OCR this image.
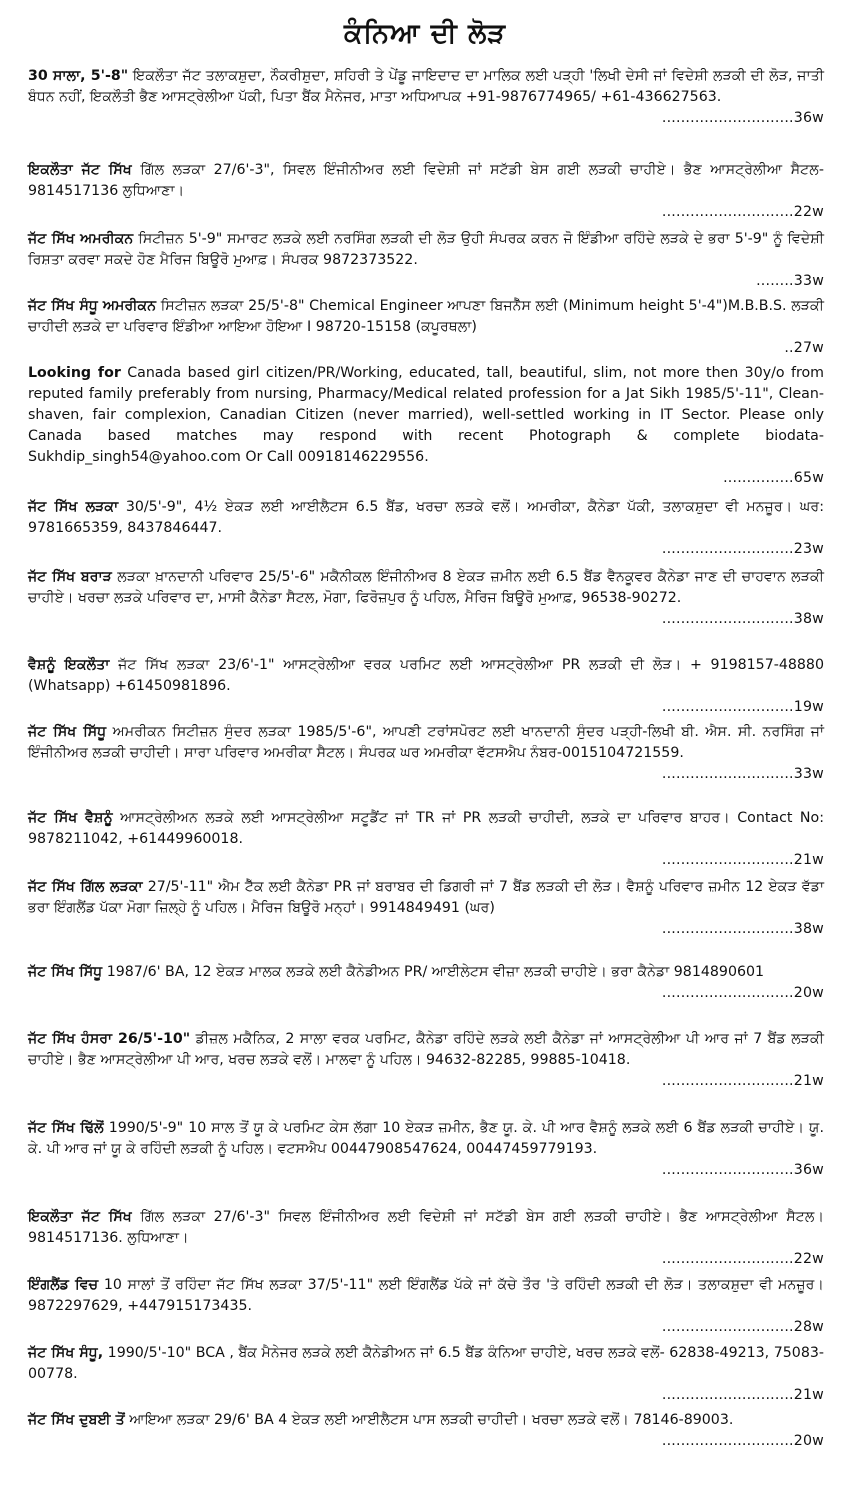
ਕੰਨਿਆ ਦੀ ਲੋੜ
30 ਸਾਲਾ, 5'-8" ਇਕਲੌਤਾ ਜੱਟ ਤਲਾਕਸ਼ੁਦਾ, ਨੌਕਰੀਸ਼ੁਦਾ, ਸ਼ਹਿਰੀ ਤੇ ਪੇਂਡੂ ਜਾਇਦਾਦ ਦਾ ਮਾਲਿਕ ਲਈ ਪੜ੍ਹੀ 'ਲਿਖੀ ਦੇਸੀ ਜਾਂ ਵਿਦੇਸ਼ੀ ਲੜਕੀ ਦੀ ਲੋੜ, ਜਾਤੀ ਬੰਧਨ ਨਹੀਂ, ਇਕਲੌਤੀ ਭੈਣ ਆਸਟ੍ਰੇਲੀਆ ਪੱਕੀ, ਪਿਤਾ ਬੈਂਕ ਮੈਨੇਜਰ, ਮਾਤਾ ਅਧਿਆਪਕ +91-9876774965/ +61-436627563.
............................36w
ਇਕਲੌਤਾ ਜੱਟ ਸਿੱਖ ਗਿੱਲ ਲੜਕਾ 27/6'-3", ਸਿਵਲ ਇੰਜੀਨੀਅਰ ਲਈ ਵਿਦੇਸ਼ੀ ਜਾਂ ਸਟੱਡੀ ਬੇਸ ਗਈ ਲੜਕੀ ਚਾਹੀਏ। ਭੈਣ ਆਸਟ੍ਰੇਲੀਆ ਸੈਟਲ- 9814517136 ਲੁਧਿਆਣਾ।
............................22w
ਜੱਟ ਸਿੱਖ ਅਮਰੀਕਨ ਸਿਟੀਜ਼ਨ 5'-9" ਸਮਾਰਟ ਲੜਕੇ ਲਈ ਨਰਸਿੰਗ ਲੜਕੀ ਦੀ ਲੋੜ ਉਹੀ ਸੰਪਰਕ ਕਰਨ ਜੋ ਇੰਡੀਆ ਰਹਿੰਦੇ ਲੜਕੇ ਦੇ ਭਰਾ 5'-9" ਨੂੰ ਵਿਦੇਸ਼ੀ ਰਿਸ਼ਤਾ ਕਰਵਾ ਸਕਦੇ ਹੋਣ ਮੈਰਿਜ ਬਿਊਰੋ ਮੁਆਫ਼। ਸੰਪਰਕ 9872373522.
........33w
ਜੱਟ ਸਿੱਖ ਸੰਧੂ ਅਮਰੀਕਨ ਸਿਟੀਜ਼ਨ ਲੜਕਾ 25/5'-8" Chemical Engineer ਆਪਣਾ ਬਿਜਨੈੱਸ ਲਈ (Minimum height 5'-4")M.B.B.S. ਲੜਕੀ ਚਾਹੀਦੀ ਲੜਕੇ ਦਾ ਪਰਿਵਾਰ ਇੰਡੀਆ ਆਇਆ ਹੋਇਆ I 98720-15158 (ਕਪੂਰਥਲਾ)
..27w
Looking for Canada based girl citizen/PR/Working, educated, tall, beautiful, slim, not more then 30y/o from reputed family preferably from nursing, Pharmacy/Medical related profession for a Jat Sikh 1985/5'-11", Clean-shaven, fair complexion, Canadian Citizen (never married), well-settled working in IT Sector. Please only Canada based matches may respond with recent Photograph & complete biodata-Sukhdip_singh54@yahoo.com Or Call 00918146229556.
...............65w
ਜੱਟ ਸਿੱਖ ਲੜਕਾ 30/5'-9", 4½ ਏਕੜ ਲਈ ਆਈਲੈਟਸ 6.5 ਬੈਂਡ, ਖਰਚਾ ਲੜਕੇ ਵਲੋਂ। ਅਮਰੀਕਾ, ਕੈਨੇਡਾ ਪੱਕੀ, ਤਲਾਕਸ਼ੁਦਾ ਵੀ ਮਨਜ਼ੂਰ। ਘਰ: 9781665359, 8437846447.
............................23w
ਜੱਟ ਸਿੱਖ ਬਰਾੜ ਲੜਕਾ ਖ਼ਾਨਦਾਨੀ ਪਰਿਵਾਰ 25/5'-6" ਮਕੈਨੀਕਲ ਇੰਜੀਨੀਅਰ 8 ਏਕੜ ਜ਼ਮੀਨ ਲਈ 6.5 ਬੈਂਡ ਵੈਨਕੂਵਰ ਕੈਨੇਡਾ ਜਾਣ ਦੀ ਚਾਹਵਾਨ ਲੜਕੀ ਚਾਹੀਏ। ਖਰਚਾ ਲੜਕੇ ਪਰਿਵਾਰ ਦਾ, ਮਾਸੀ ਕੈਨੇਡਾ ਸੈਟਲ, ਮੋਗਾ, ਫਿਰੋਜ਼ਪੁਰ ਨੂੰ ਪਹਿਲ, ਮੈਰਿਜ ਬਿਊਰੋ ਮੁਆਫ਼, 96538-90272.
............................38w
ਵੈਸ਼ਨੂੰ ਇਕਲੌਤਾ ਜੱਟ ਸਿੱਖ ਲੜਕਾ 23/6'-1" ਆਸਟ੍ਰੇਲੀਆ ਵਰਕ ਪਰਮਿਟ ਲਈ ਆਸਟ੍ਰੇਲੀਆ PR ਲੜਕੀ ਦੀ ਲੋੜ। + 9198157-48880 (Whatsapp) +61450981896.
............................19w
ਜੱਟ ਸਿੱਖ ਸਿੱਧੂ ਅਮਰੀਕਨ ਸਿਟੀਜ਼ਨ ਸੁੰਦਰ ਲੜਕਾ 1985/5'-6", ਆਪਣੀ ਟਰਾਂਸਪੋਰਟ ਲਈ ਖਾਨਦਾਨੀ ਸੁੰਦਰ ਪੜ੍ਹੀ-ਲਿਖੀ ਬੀ. ਐਸ. ਸੀ. ਨਰਸਿੰਗ ਜਾਂ ਇੰਜੀਨੀਅਰ ਲੜਕੀ ਚਾਹੀਦੀ। ਸਾਰਾ ਪਰਿਵਾਰ ਅਮਰੀਕਾ ਸੈਟਲ। ਸੰਪਰਕ ਘਰ ਅਮਰੀਕਾ ਵੱਟਸਐਪ ਨੰਬਰ-0015104721559.
............................33w
ਜੱਟ ਸਿੱਖ ਵੈਸ਼ਨੂੰ ਆਸਟ੍ਰੇਲੀਅਨ ਲੜਕੇ ਲਈ ਆਸਟ੍ਰੇਲੀਆ ਸਟੂਡੈਂਟ ਜਾਂ TR ਜਾਂ PR ਲੜਕੀ ਚਾਹੀਦੀ, ਲੜਕੇ ਦਾ ਪਰਿਵਾਰ ਬਾਹਰ। Contact No: 9878211042, +61449960018.
............................21w
ਜੱਟ ਸਿੱਖ ਗਿੱਲ ਲੜਕਾ 27/5'-11" ਐਮ ਟੈੱਕ ਲਈ ਕੈਨੇਡਾ PR ਜਾਂ ਬਰਾਬਰ ਦੀ ਡਿਗਰੀ ਜਾਂ 7 ਬੈਂਡ ਲੜਕੀ ਦੀ ਲੋੜ। ਵੈਸ਼ਨੂੰ ਪਰਿਵਾਰ ਜ਼ਮੀਨ 12 ਏਕੜ ਵੱਡਾ ਭਰਾ ਇੰਗਲੈਂਡ ਪੱਕਾ ਮੋਗਾ ਜ਼ਿਲ੍ਹੇ ਨੂੰ ਪਹਿਲ। ਮੈਰਿਜ ਬਿਊਰੋ ਮਨ੍ਹਾਂ। 9914849491 (ਘਰ)
............................38w
ਜੱਟ ਸਿੱਖ ਸਿੱਧੂ 1987/6' BA, 12 ਏਕੜ ਮਾਲਕ ਲੜਕੇ ਲਈ ਕੈਨੇਡੀਅਨ PR/ ਆਈਲੇਟਸ ਵੀਜ਼ਾ ਲੜਕੀ ਚਾਹੀਏ। ਭਰਾ ਕੈਨੇਡਾ 9814890601
............................20w
ਜੱਟ ਸਿੱਖ ਹੰਸਰਾ 26/5'-10" ਡੀਜ਼ਲ ਮਕੈਨਿਕ, 2 ਸਾਲਾ ਵਰਕ ਪਰਮਿਟ, ਕੈਨੇਡਾ ਰਹਿੰਦੇ ਲੜਕੇ ਲਈ ਕੈਨੇਡਾ ਜਾਂ ਆਸਟ੍ਰੇਲੀਆ ਪੀ ਆਰ ਜਾਂ 7 ਬੈਂਡ ਲੜਕੀ ਚਾਹੀਏ। ਭੈਣ ਆਸਟ੍ਰੇਲੀਆ ਪੀ ਆਰ, ਖਰਚ ਲੜਕੇ ਵਲੋਂ। ਮਾਲਵਾ ਨੂੰ ਪਹਿਲ। 94632-82285, 99885-10418.
............................21w
ਜੱਟ ਸਿੱਖ ਢਿੱਲੋਂ 1990/5'-9" 10 ਸਾਲ ਤੋਂ ਯੂ ਕੇ ਪਰਮਿਟ ਕੇਸ ਲੱਗਾ 10 ਏਕੜ ਜ਼ਮੀਨ, ਭੈਣ ਯੂ. ਕੇ. ਪੀ ਆਰ ਵੈਸ਼ਨੂੰ ਲੜਕੇ ਲਈ 6 ਬੈਂਡ ਲੜਕੀ ਚਾਹੀਏ। ਯੂ. ਕੇ. ਪੀ ਆਰ ਜਾਂ ਯੂ ਕੇ ਰਹਿੰਦੀ ਲੜਕੀ ਨੂੰ ਪਹਿਲ। ਵਟਸਐਪ 00447908547624, 00447459779193.
............................36w
ਇਕਲੌਤਾ ਜੱਟ ਸਿੱਖ ਗਿੱਲ ਲੜਕਾ 27/6'-3" ਸਿਵਲ ਇੰਜੀਨੀਅਰ ਲਈ ਵਿਦੇਸ਼ੀ ਜਾਂ ਸਟੱਡੀ ਬੇਸ ਗਈ ਲੜਕੀ ਚਾਹੀਏ। ਭੈਣ ਆਸਟ੍ਰੇਲੀਆ ਸੈਟਲ। 9814517136. ਲੁਧਿਆਣਾ।
............................22w
ਇੰਗਲੈਂਡ ਵਿਚ 10 ਸਾਲਾਂ ਤੋਂ ਰਹਿੰਦਾ ਜੱਟ ਸਿੱਖ ਲੜਕਾ 37/5'-11" ਲਈ ਇੰਗਲੈਂਡ ਪੱਕੇ ਜਾਂ ਕੱਚੇ ਤੌਰ 'ਤੇ ਰਹਿੰਦੀ ਲੜਕੀ ਦੀ ਲੋੜ। ਤਲਾਕਸ਼ੁਦਾ ਵੀ ਮਨਜ਼ੂਰ। 9872297629, +447915173435.
............................28w
ਜੱਟ ਸਿੱਖ ਸੰਧੂ, 1990/5'-10" BCA , ਬੈਂਕ ਮੈਨੇਜਰ ਲੜਕੇ ਲਈ ਕੈਨੇਡੀਅਨ ਜਾਂ 6.5 ਬੈਂਡ ਕੰਨਿਆ ਚਾਹੀਏ, ਖਰਚ ਲੜਕੇ ਵਲੋਂ- 62838-49213, 75083-00778.
............................21w
ਜੱਟ ਸਿੱਖ ਦੁਬਈ ਤੋਂ ਆਇਆ ਲੜਕਾ 29/6' BA 4 ਏਕੜ ਲਈ ਆਈਲੈਟਸ ਪਾਸ ਲੜਕੀ ਚਾਹੀਦੀ। ਖਰਚਾ ਲੜਕੇ ਵਲੋਂ। 78146-89003.
............................20w
